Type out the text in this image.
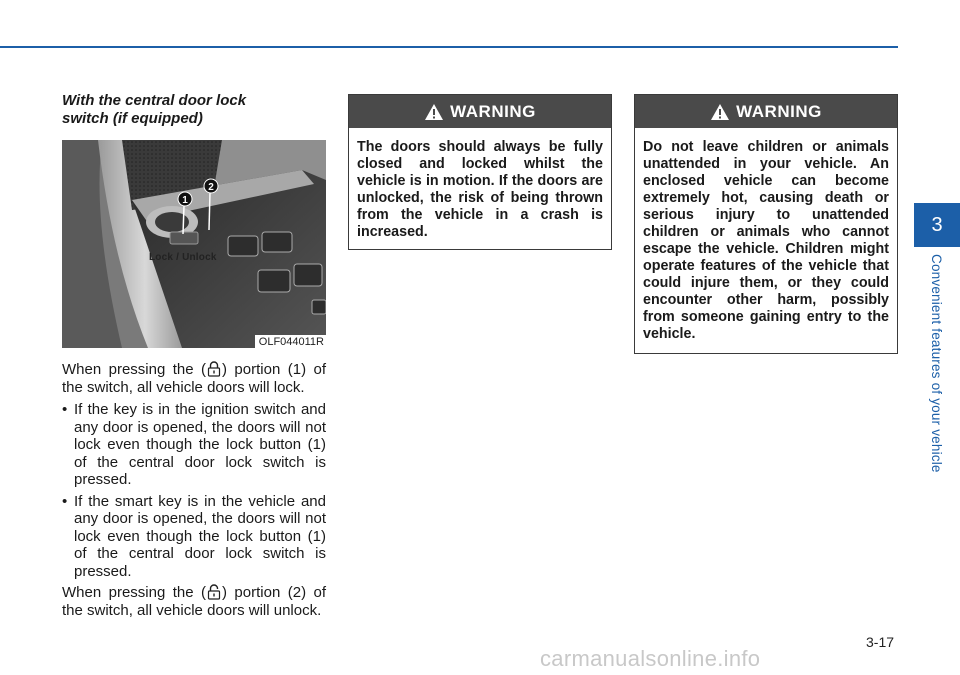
With the central door lock switch (if equipped)
1
2
Lock / Unlock
OLF044011R
When pressing the ( ) portion (1) of the switch, all vehicle doors will lock.
• If the key is in the ignition switch and any door is opened, the doors will not lock even though the lock button (1) of the central door lock switch is pressed.
• If the smart key is in the vehicle and any door is opened, the doors will not lock even though the lock button (1) of the central door lock switch is pressed.
When pressing the ( ) portion (2) of the switch, all vehicle doors will unlock.
WARNING
The doors should always be fully closed and locked whilst the vehicle is in motion. If the doors are unlocked, the risk of being thrown from the vehicle in a crash is increased.
WARNING
Do not leave children or animals unattended in your vehicle. An enclosed vehicle can become extremely hot, causing death or serious injury to unattended children or animals who cannot escape the vehicle. Children might operate features of the vehicle that could injure them, or they could encounter other harm, possibly from someone gaining entry to the vehicle.
3
Convenient features of your vehicle
3-17
carmanualsonline.info
